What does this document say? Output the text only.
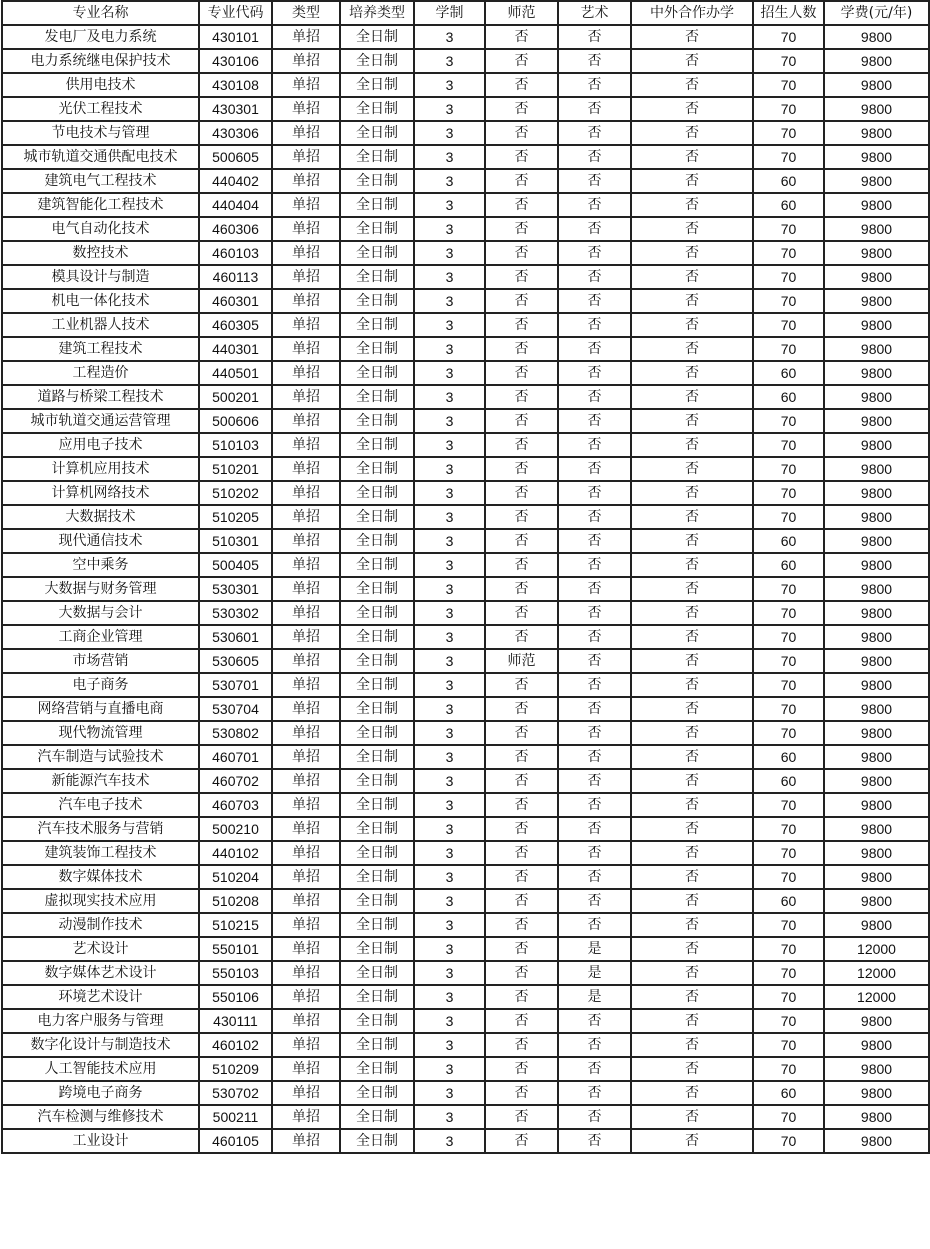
专业名称	专业代码	类型	培养类型	学制	师范	艺术	中外合作办学	招生人数	学费(元/年)
发电厂及电力系统	430101	单招	全日制	3	否	否	否	70	9800
电力系统继电保护技术	430106	单招	全日制	3	否	否	否	70	9800
供用电技术	430108	单招	全日制	3	否	否	否	70	9800
光伏工程技术	430301	单招	全日制	3	否	否	否	70	9800
节电技术与管理	430306	单招	全日制	3	否	否	否	70	9800
城市轨道交通供配电技术	500605	单招	全日制	3	否	否	否	70	9800
建筑电气工程技术	440402	单招	全日制	3	否	否	否	60	9800
建筑智能化工程技术	440404	单招	全日制	3	否	否	否	60	9800
电气自动化技术	460306	单招	全日制	3	否	否	否	70	9800
数控技术	460103	单招	全日制	3	否	否	否	70	9800
模具设计与制造	460113	单招	全日制	3	否	否	否	70	9800
机电一体化技术	460301	单招	全日制	3	否	否	否	70	9800
工业机器人技术	460305	单招	全日制	3	否	否	否	70	9800
建筑工程技术	440301	单招	全日制	3	否	否	否	70	9800
工程造价	440501	单招	全日制	3	否	否	否	60	9800
道路与桥梁工程技术	500201	单招	全日制	3	否	否	否	60	9800
城市轨道交通运营管理	500606	单招	全日制	3	否	否	否	70	9800
应用电子技术	510103	单招	全日制	3	否	否	否	70	9800
计算机应用技术	510201	单招	全日制	3	否	否	否	70	9800
计算机网络技术	510202	单招	全日制	3	否	否	否	70	9800
大数据技术	510205	单招	全日制	3	否	否	否	70	9800
现代通信技术	510301	单招	全日制	3	否	否	否	60	9800
空中乘务	500405	单招	全日制	3	否	否	否	60	9800
大数据与财务管理	530301	单招	全日制	3	否	否	否	70	9800
大数据与会计	530302	单招	全日制	3	否	否	否	70	9800
工商企业管理	530601	单招	全日制	3	否	否	否	70	9800
市场营销	530605	单招	全日制	3	师范	否	否	70	9800
电子商务	530701	单招	全日制	3	否	否	否	70	9800
网络营销与直播电商	530704	单招	全日制	3	否	否	否	70	9800
现代物流管理	530802	单招	全日制	3	否	否	否	70	9800
汽车制造与试验技术	460701	单招	全日制	3	否	否	否	60	9800
新能源汽车技术	460702	单招	全日制	3	否	否	否	60	9800
汽车电子技术	460703	单招	全日制	3	否	否	否	70	9800
汽车技术服务与营销	500210	单招	全日制	3	否	否	否	70	9800
建筑装饰工程技术	440102	单招	全日制	3	否	否	否	70	9800
数字媒体技术	510204	单招	全日制	3	否	否	否	70	9800
虚拟现实技术应用	510208	单招	全日制	3	否	否	否	60	9800
动漫制作技术	510215	单招	全日制	3	否	否	否	70	9800
艺术设计	550101	单招	全日制	3	否	是	否	70	12000
数字媒体艺术设计	550103	单招	全日制	3	否	是	否	70	12000
环境艺术设计	550106	单招	全日制	3	否	是	否	70	12000
电力客户服务与管理	430111	单招	全日制	3	否	否	否	70	9800
数字化设计与制造技术	460102	单招	全日制	3	否	否	否	70	9800
人工智能技术应用	510209	单招	全日制	3	否	否	否	70	9800
跨境电子商务	530702	单招	全日制	3	否	否	否	60	9800
汽车检测与维修技术	500211	单招	全日制	3	否	否	否	70	9800
工业设计	460105	单招	全日制	3	否	否	否	70	9800
